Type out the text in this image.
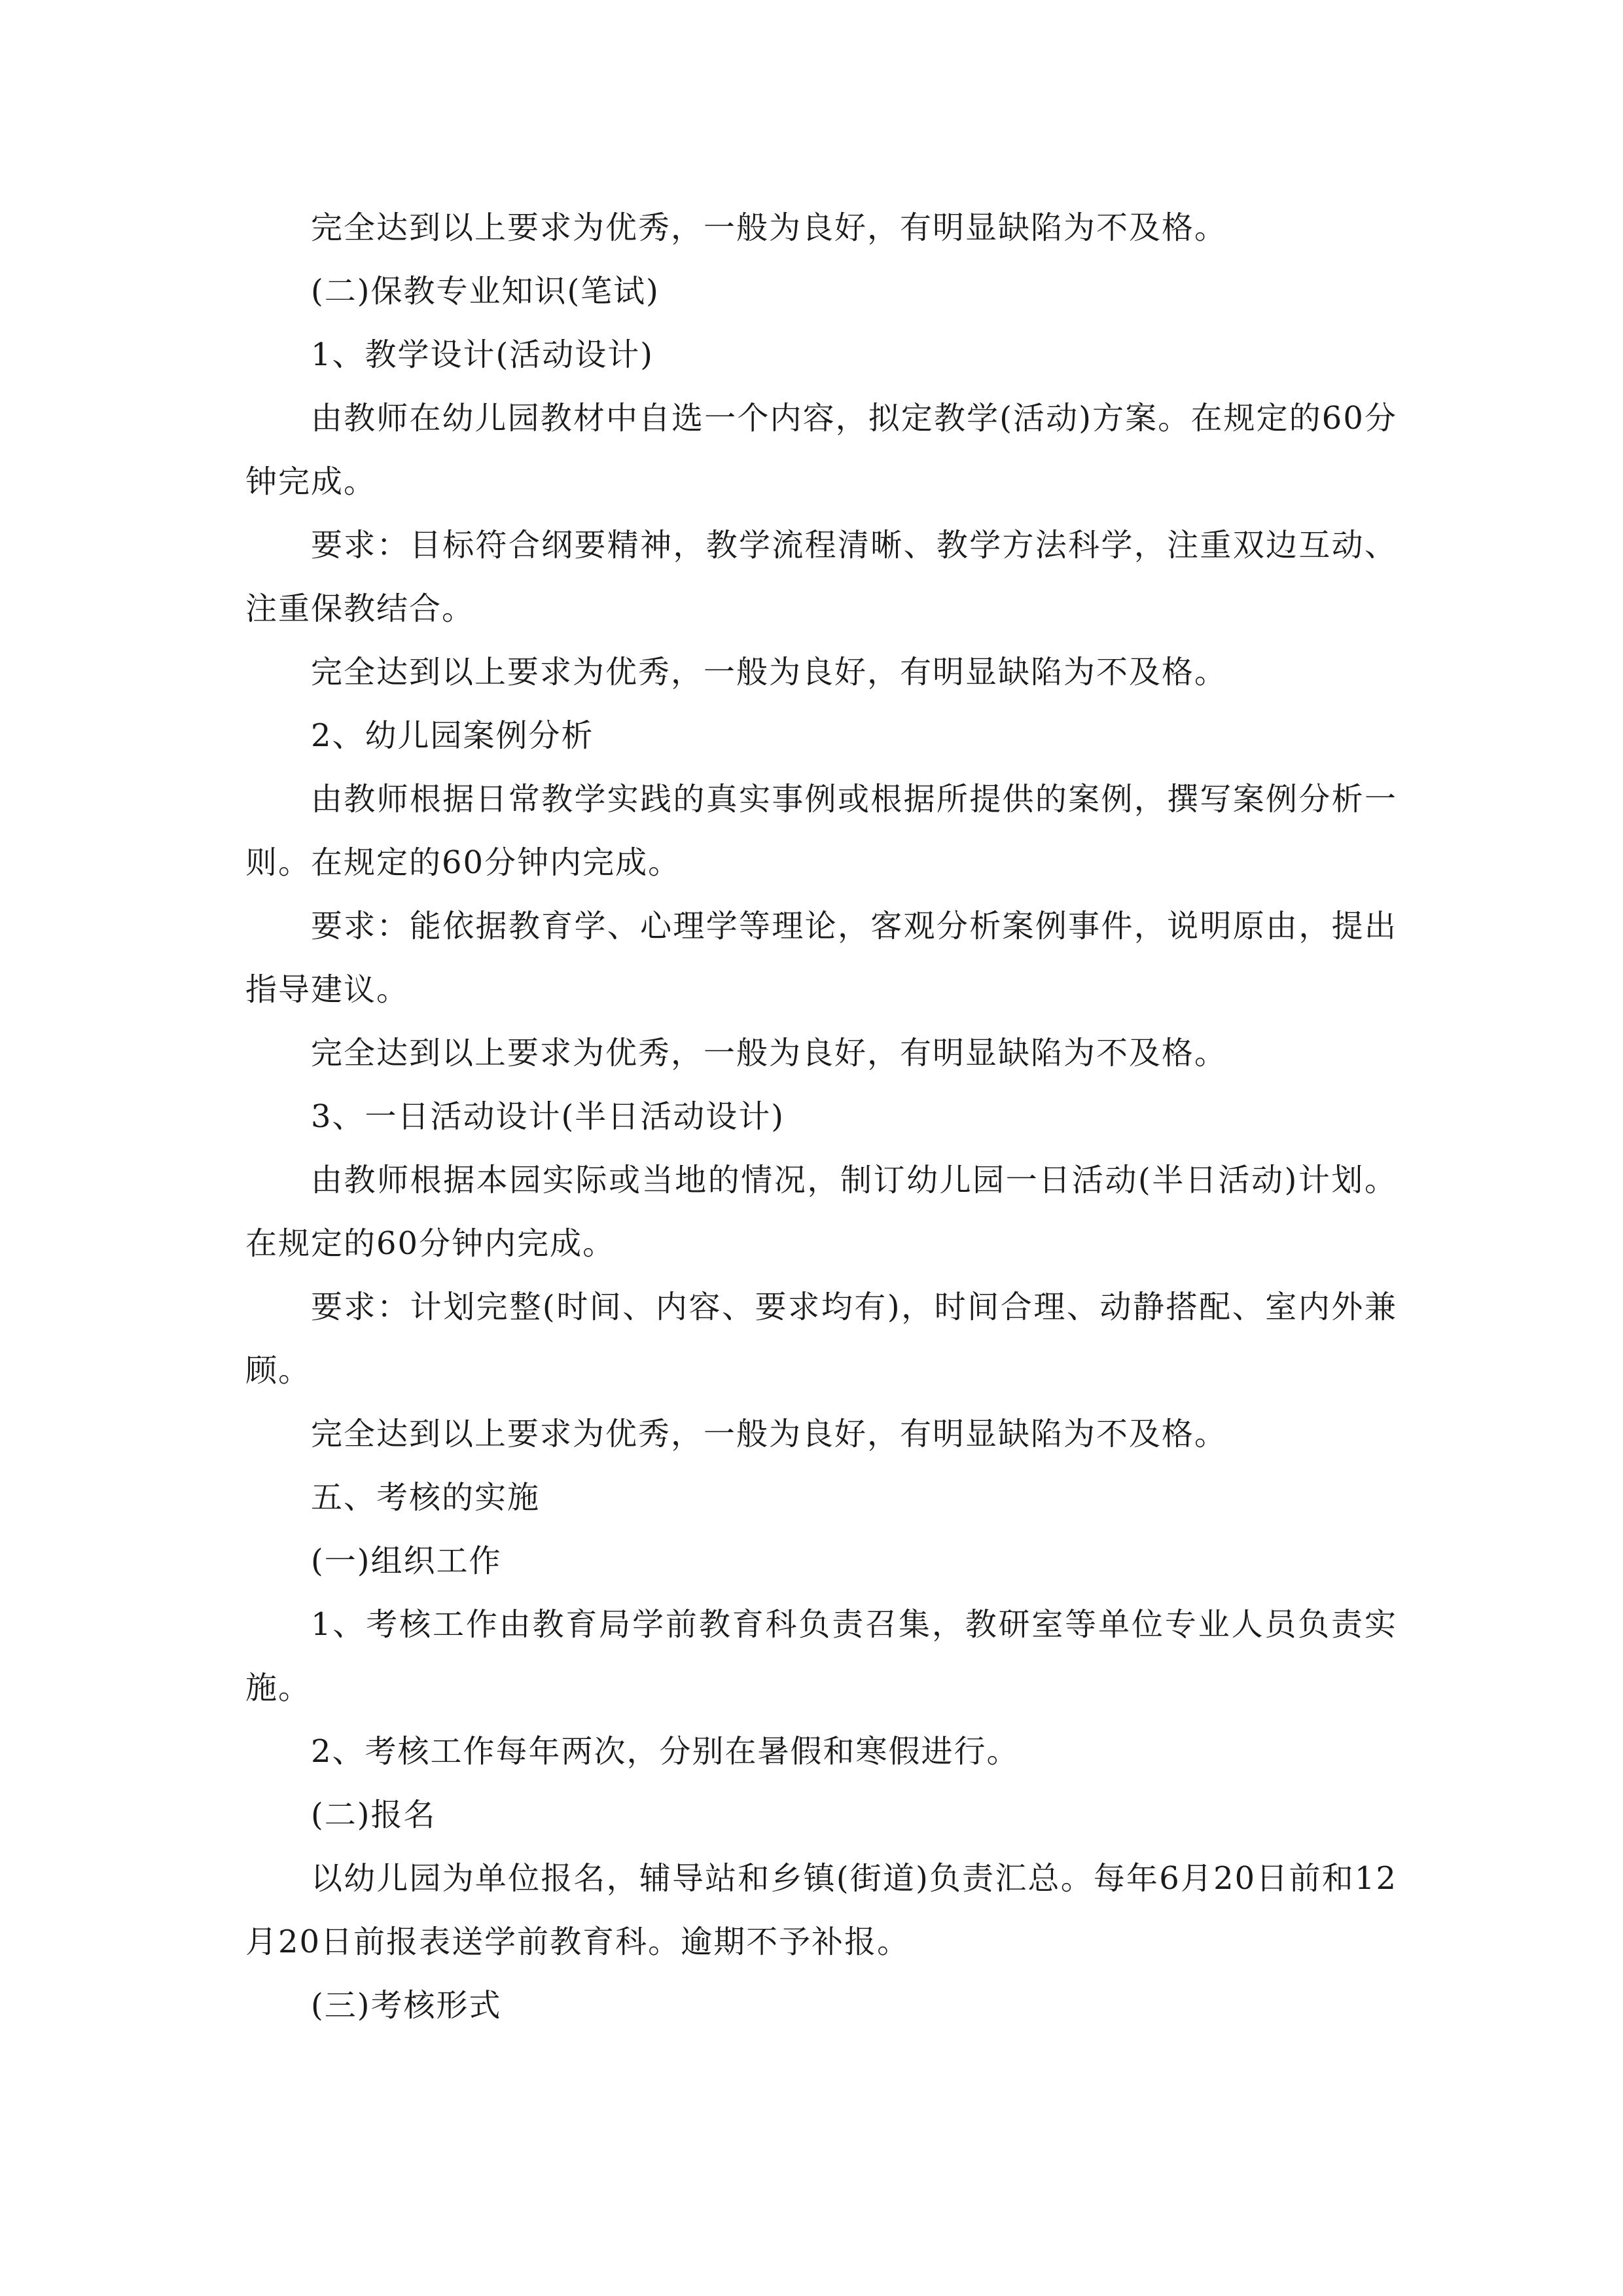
完全达到以上要求为优秀，一般为良好，有明显缺陷为不及格。

(二)保教专业知识(笔试)

1、教学设计(活动设计)

由教师在幼儿园教材中自选一个内容，拟定教学(活动)方案。在规定的60分钟完成。

要求：目标符合纲要精神，教学流程清晰、教学方法科学，注重双边互动、注重保教结合。

完全达到以上要求为优秀，一般为良好，有明显缺陷为不及格。

2、幼儿园案例分析

由教师根据日常教学实践的真实事例或根据所提供的案例，撰写案例分析一则。在规定的60分钟内完成。

要求：能依据教育学、心理学等理论，客观分析案例事件，说明原由，提出指导建议。

完全达到以上要求为优秀，一般为良好，有明显缺陷为不及格。

3、一日活动设计(半日活动设计)

由教师根据本园实际或当地的情况，制订幼儿园一日活动(半日活动)计划。在规定的60分钟内完成。

要求：计划完整(时间、内容、要求均有)，时间合理、动静搭配、室内外兼顾。

完全达到以上要求为优秀，一般为良好，有明显缺陷为不及格。

五、考核的实施

(一)组织工作

1、考核工作由教育局学前教育科负责召集，教研室等单位专业人员负责实施。

2、考核工作每年两次，分别在暑假和寒假进行。

(二)报名

以幼儿园为单位报名，辅导站和乡镇(街道)负责汇总。每年6月20日前和12月20日前报表送学前教育科。逾期不予补报。

(三)考核形式
